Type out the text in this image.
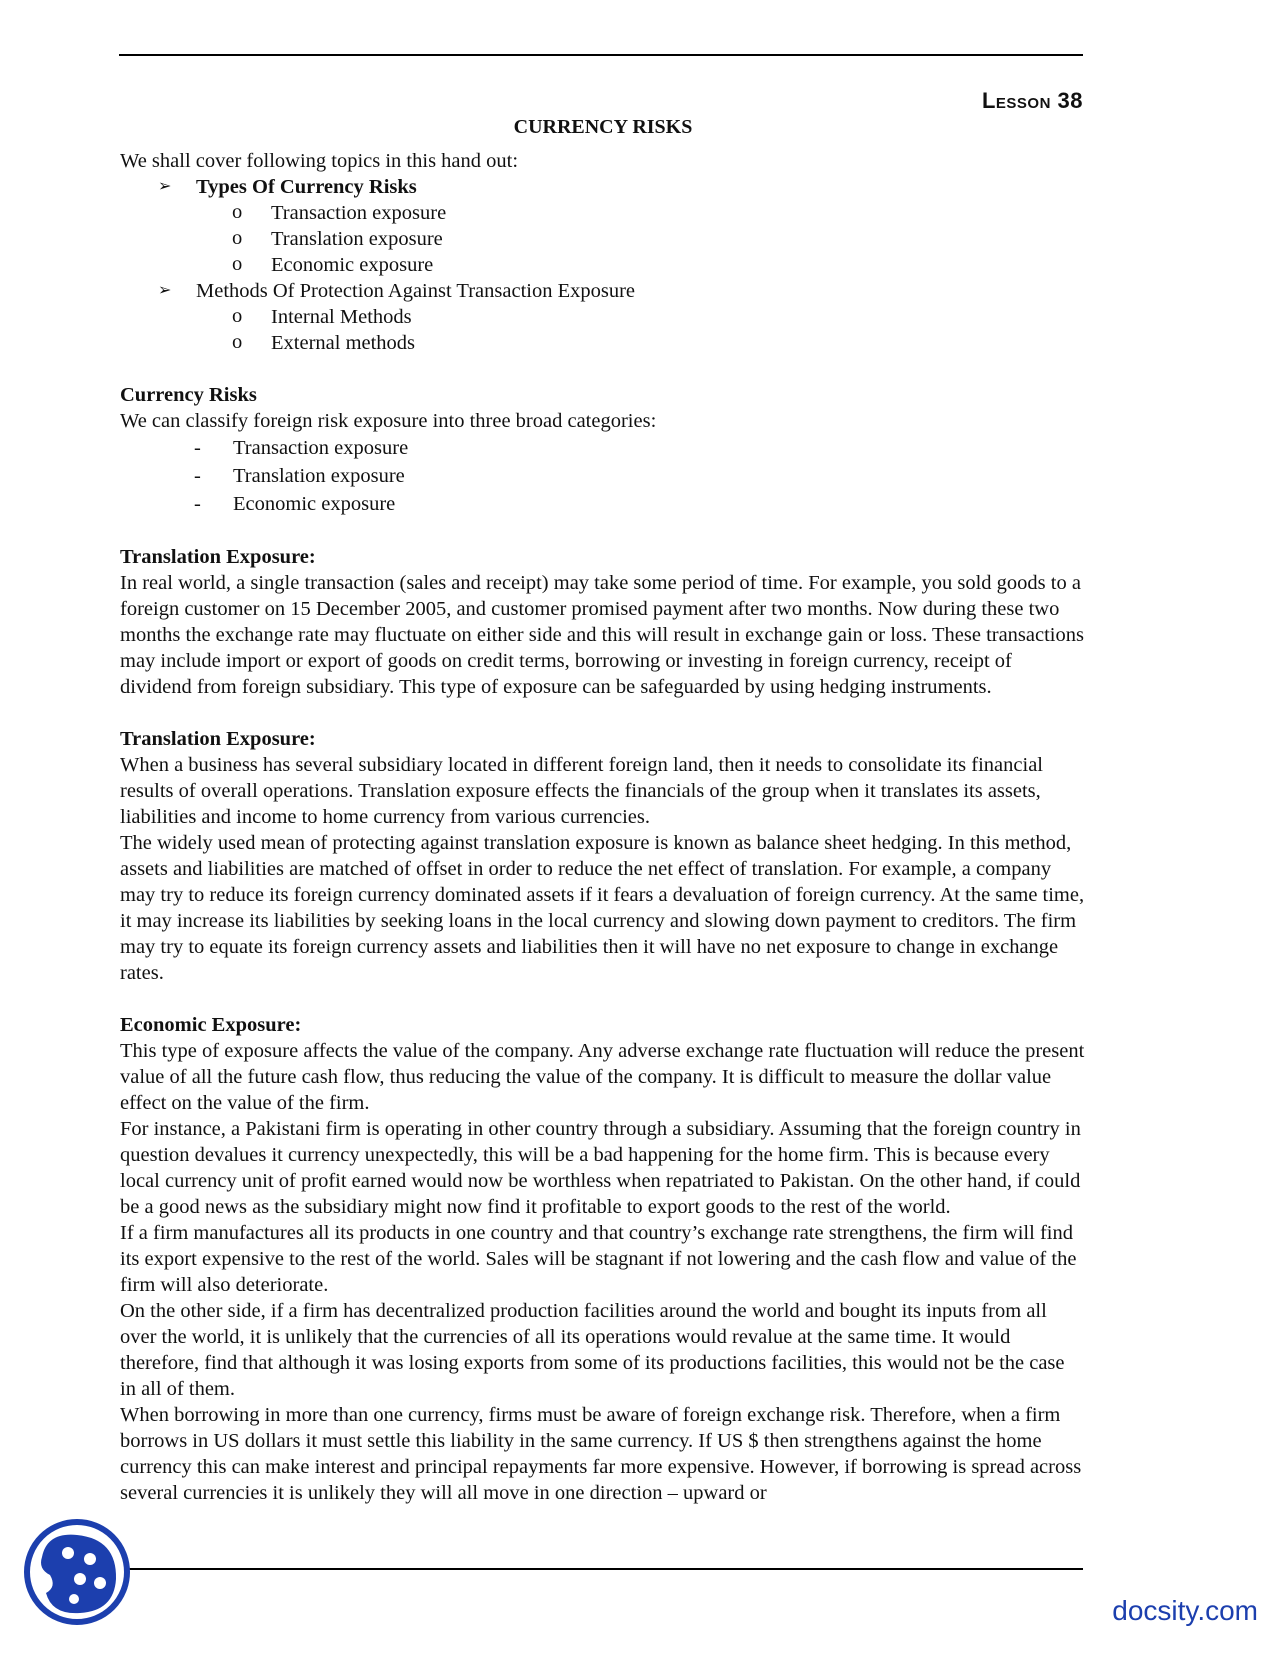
Lesson 38
CURRENCY RISKS

We shall cover following topics in this hand out:

➢ Types Of Currency Risks
o Transaction exposure
o Translation exposure
o Economic exposure
➢ Methods Of Protection Against Transaction Exposure
o Internal Methods
o External methods

Currency Risks

We can classify foreign risk exposure into three broad categories:

- Transaction exposure
- Translation exposure
- Economic exposure

Translation Exposure:

In real world, a single transaction (sales and receipt) may take some period of time. For example, you sold goods to a foreign customer on 15 December 2005, and customer promised payment after two months. Now during these two months the exchange rate may fluctuate on either side and this will result in exchange gain or loss. These transactions may include import or export of goods on credit terms, borrowing or investing in foreign currency, receipt of dividend from foreign subsidiary. This type of exposure can be safeguarded by using hedging instruments.

Translation Exposure:

When a business has several subsidiary located in different foreign land, then it needs to consolidate its financial results of overall operations. Translation exposure effects the financials of the group when it translates its assets, liabilities and income to home currency from various currencies.

The widely used mean of protecting against translation exposure is known as balance sheet hedging. In this method, assets and liabilities are matched of offset in order to reduce the net effect of translation. For example, a company may try to reduce its foreign currency dominated assets if it fears a devaluation of foreign currency. At the same time, it may increase its liabilities by seeking loans in the local currency and slowing down payment to creditors. The firm may try to equate its foreign currency assets and liabilities then it will have no net exposure to change in exchange rates.

Economic Exposure:

This type of exposure affects the value of the company. Any adverse exchange rate fluctuation will reduce the present value of all the future cash flow, thus reducing the value of the company. It is difficult to measure the dollar value effect on the value of the firm.

For instance, a Pakistani firm is operating in other country through a subsidiary. Assuming that the foreign country in question devalues it currency unexpectedly, this will be a bad happening for the home firm. This is because every local currency unit of profit earned would now be worthless when repatriated to Pakistan. On the other hand, if could be a good news as the subsidiary might now find it profitable to export goods to the rest of the world.

If a firm manufactures all its products in one country and that country’s exchange rate strengthens, the firm will find its export expensive to the rest of the world. Sales will be stagnant if not lowering and the cash flow and value of the firm will also deteriorate.

On the other side, if a firm has decentralized production facilities around the world and bought its inputs from all over the world, it is unlikely that the currencies of all its operations would revalue at the same time. It would therefore, find that although it was losing exports from some of its productions facilities, this would not be the case in all of them.

When borrowing in more than one currency, firms must be aware of foreign exchange risk. Therefore, when a firm borrows in US dollars it must settle this liability in the same currency. If US $ then strengthens against the home currency this can make interest and principal repayments far more expensive. However, if borrowing is spread across several currencies it is unlikely they will all move in one direction – upward or

docsity.com
